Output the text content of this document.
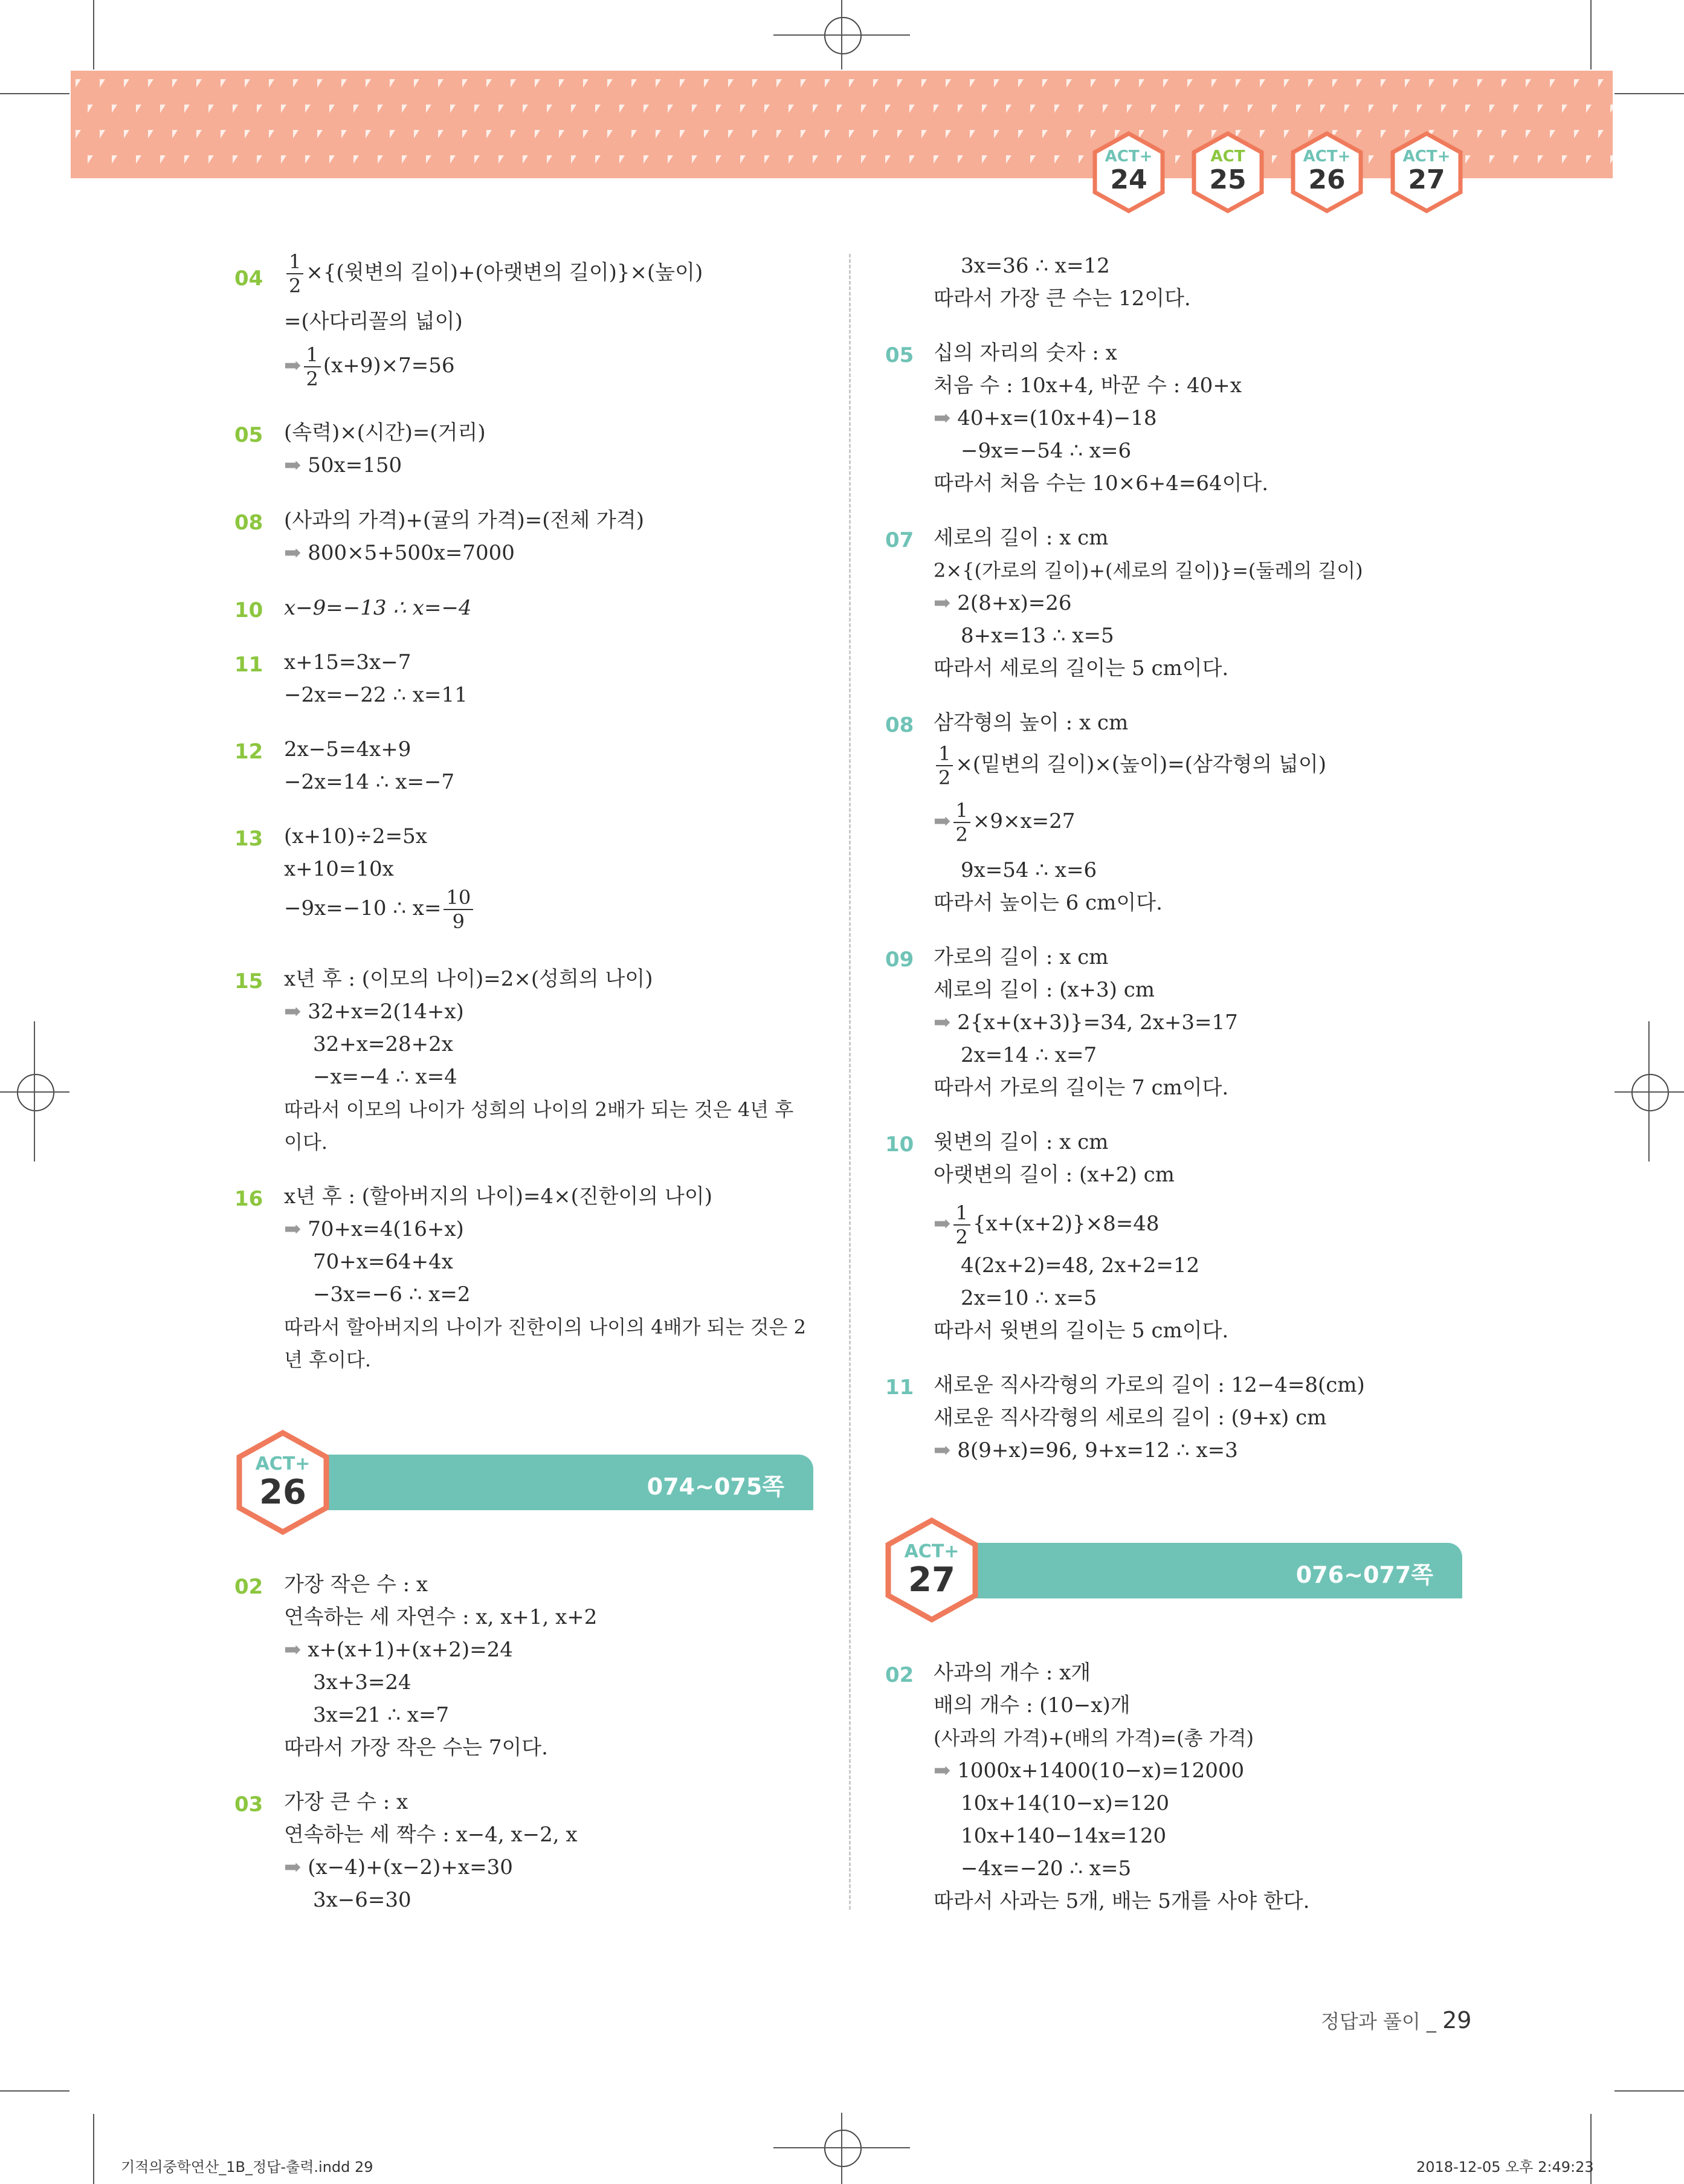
ACT+
24
ACT
25
ACT+
26
ACT+
27
$04 \frac{1}{2}$ ×{(윗변의 길이)+(아랫변의 길이)}×(높이)
=(사다리꼴의 넓이)
➡ $\frac{1}{2} (x+9)\times 7=56$
05 (속력)×(시간)=(거리)
➡ 50x=150
08 (사과의 가격)+(귤의 가격)=(전체 가격)
➡ 800×5+500x=7000
10 x−9=−13 ∴ x=−4
11 x+15=3x−7
−2x=−22 ∴ x=11
12 2x−5=4x+9
−2x=14 ∴ x=−7
13 (x+10)÷2=5x
x+10=10x
−9x=−10 ∴ $x= \frac{10}{9}$
15 x년 후 : (이모의 나이)=2×(성희의 나이)
➡ 32+x=2(14+x)
32+x=28+2x
−x=−4 ∴ x=4
따라서 이모의 나이가 성희의 나이의 2배가 되는 것은 4년 후
이다.
16 x년 후 : (할아버지의 나이)=4×(진한이의 나이)
➡ 70+x=4(16+x)
70+x=64+4x
−3x=−6 ∴ x=2
따라서 할아버지의 나이가 진한이의 나이의 4배가 되는 것은 2
년 후이다.
074~075쪽
ACT+
26
02 가장 작은 수 : x
연속하는 세 자연수 : x, x+1, x+2
➡ x+(x+1)+(x+2)=24
3x+3=24
3x=21 ∴ x=7
따라서 가장 작은 수는 7이다.
03 가장 큰 수 : x
연속하는 세 짝수 : x−4, x−2, x
➡ (x−4)+(x−2)+x=30
3x−6=30
3x=36 ∴ x=12
따라서 가장 큰 수는 12이다.
05 십의 자리의 숫자 : x
처음 수 : 10x+4, 바꾼 수 : 40+x
➡ 40+x=(10x+4)−18
−9x=−54 ∴ x=6
따라서 처음 수는 10×6+4=64이다.
07 세로의 길이 : x cm
2×{(가로의 길이)+(세로의 길이)}=(둘레의 길이)
➡ 2(8+x)=26
8+x=13 ∴ x=5
따라서 세로의 길이는 5 cm이다.
08 삼각형의 높이 : x cm
$\frac{1}{2}$ ×(밑변의 길이)×(높이)=(삼각형의 넓이)
➡ $\frac{1}{2} \times 9\times x=27$
9x=54 ∴ x=6
따라서 높이는 6 cm이다.
09 가로의 길이 : x cm
세로의 길이 : (x+3) cm
➡ 2{x+(x+3)}=34, 2x+3=17
2x=14 ∴ x=7
따라서 가로의 길이는 7 cm이다.
10 윗변의 길이 : x cm
아랫변의 길이 : (x+2) cm
➡ $\frac{1}{2} \{x+(x+2)\}\times 8=48$
4(2x+2)=48, 2x+2=12
2x=10 ∴ x=5
따라서 윗변의 길이는 5 cm이다.
11 새로운 직사각형의 가로의 길이 : 12−4=8(cm)
새로운 직사각형의 세로의 길이 : (9+x) cm
➡ 8(9+x)=96, 9+x=12 ∴ x=3
076~077쪽
ACT+
27
02 사과의 개수 : x개
배의 개수 : (10−x)개
(사과의 가격)+(배의 가격)=(총 가격)
➡ 1000x+1400(10−x)=12000
10x+14(10−x)=120
10x+140−14x=120
−4x=−20 ∴ x=5
따라서 사과는 5개, 배는 5개를 사야 한다.
정답과 풀이 _ 29
기적의중학연산_1B_정답-출력.indd 29	2018-12-05 오후 2:49:23
